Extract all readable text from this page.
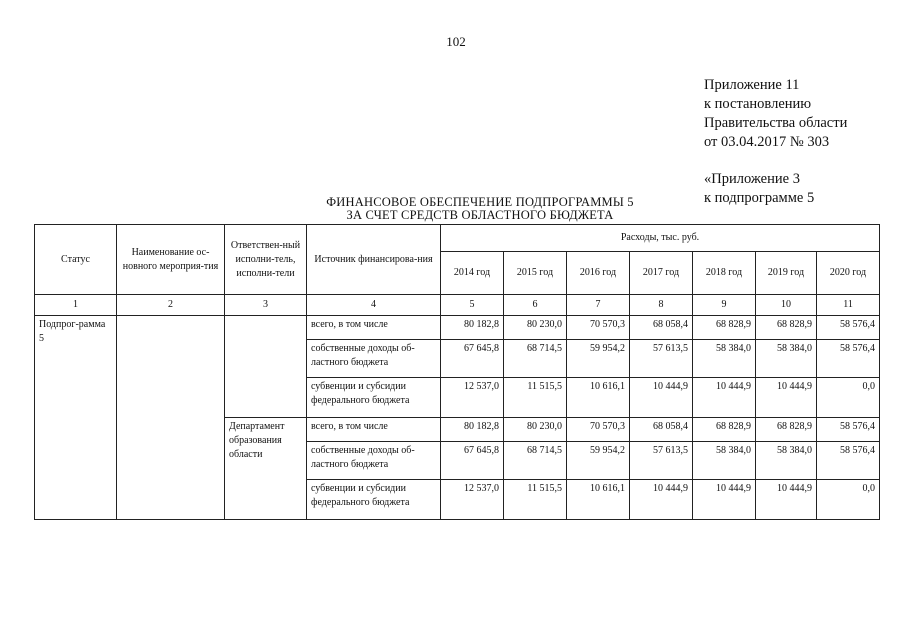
102
Приложение 11
к постановлению
Правительства области
от 03.04.2017 № 303
«Приложение 3
к подпрограмме 5
ФИНАНСОВОЕ ОБЕСПЕЧЕНИЕ ПОДПРОГРАММЫ 5
ЗА СЧЕТ СРЕДСТВ ОБЛАСТНОГО БЮДЖЕТА
Статус	Наименование ос-новного мероприя-тия	Ответствен-ный исполни-тель, исполни-тели	Источник финансирова-ния	Расходы, тыс. руб.						
				2014 год	2015 год	2016 год	2017 год	2018 год	2019 год	2020 год
1	2	3	4	5	6	7	8	9	10	11
Подпрог-рамма 5			всего, в том числе	80 182,8	80 230,0	70 570,3	68 058,4	68 828,9	68 828,9	58 576,4
			собственные доходы об-ластного бюджета	67 645,8	68 714,5	59 954,2	57 613,5	58 384,0	58 384,0	58 576,4
			субвенции и субсидии федерального бюджета	12 537,0	11 515,5	10 616,1	10 444,9	10 444,9	10 444,9	0,0
		Департамент образования области	всего, в том числе	80 182,8	80 230,0	70 570,3	68 058,4	68 828,9	68 828,9	58 576,4
			собственные доходы об-ластного бюджета	67 645,8	68 714,5	59 954,2	57 613,5	58 384,0	58 384,0	58 576,4
			субвенции и субсидии федерального бюджета	12 537,0	11 515,5	10 616,1	10 444,9	10 444,9	10 444,9	0,0
